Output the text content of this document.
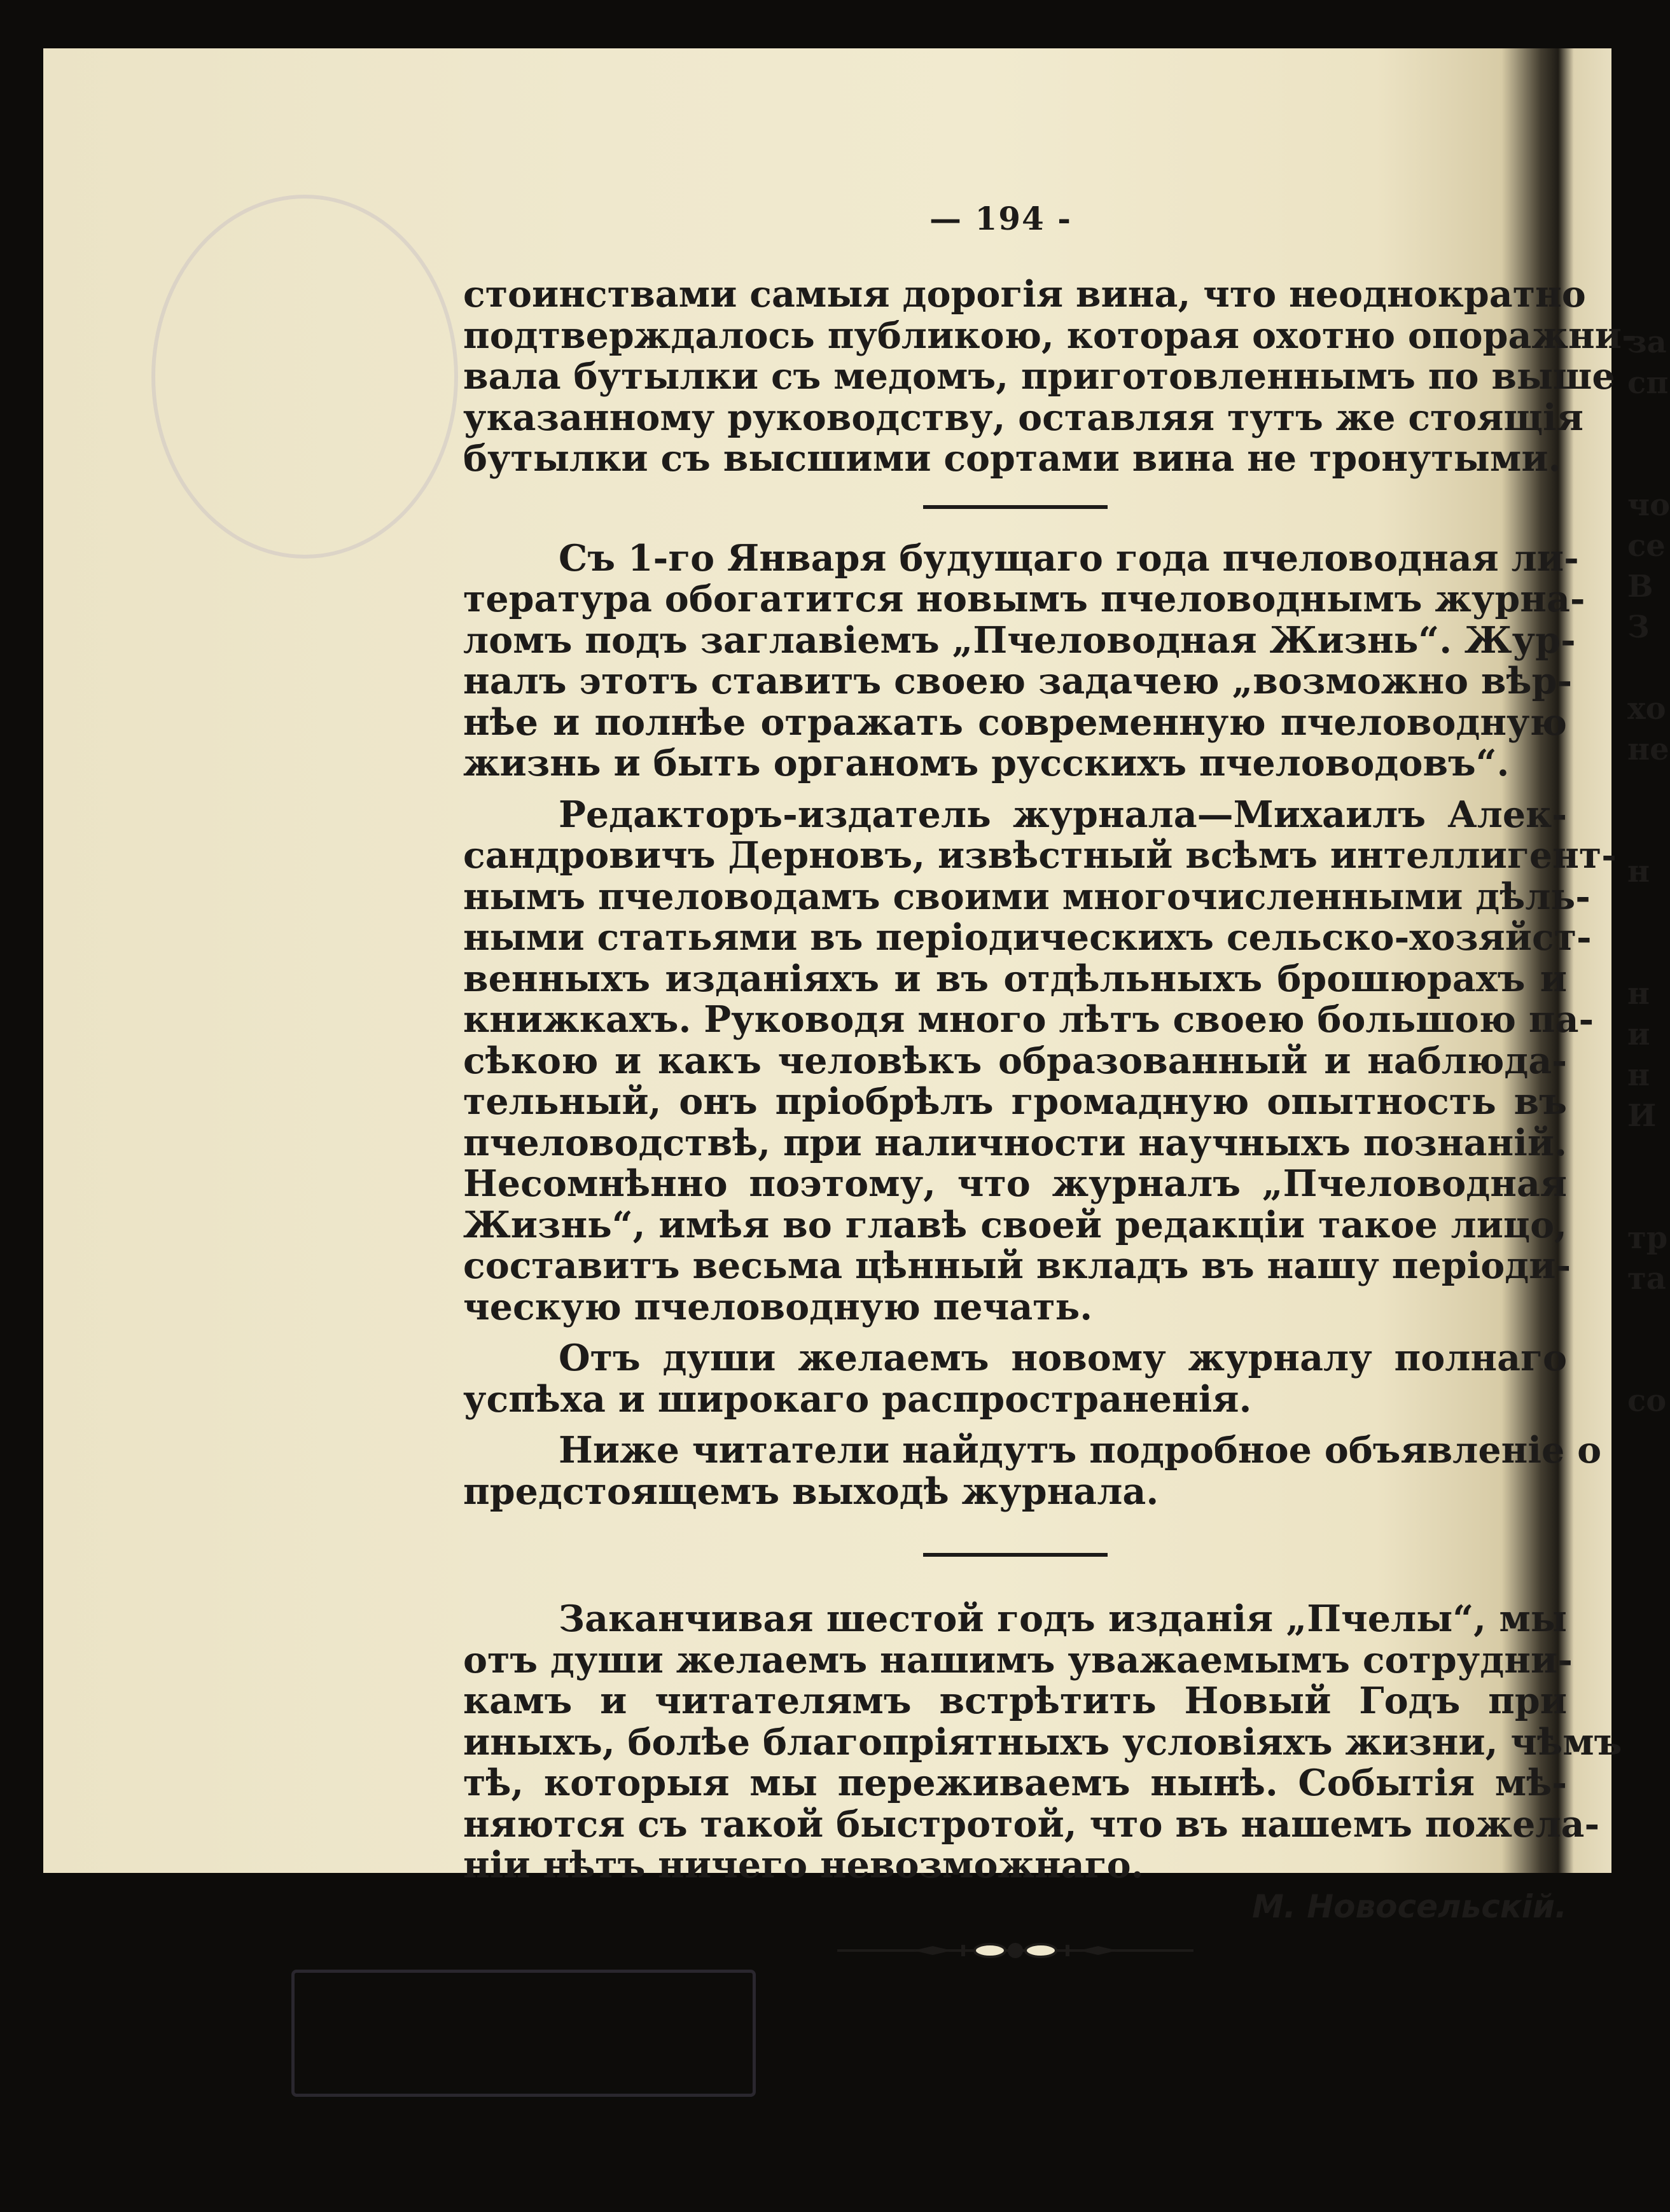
— 194 -
стоинствами самыя дорогія вина, что неоднократно
подтверждалось публикою, которая охотно опоражни-
вала бутылки съ медомъ, приготовленнымъ по выше
указанному руководству, оставляя тутъ же стоящія
бутылки съ высшими сортами вина не тронутыми.
Съ 1-го Января будущаго года пчеловодная ли-
тература обогатится новымъ пчеловоднымъ журна-
ломъ подъ заглавіемъ „Пчеловодная Жизнь“. Жур-
налъ этотъ ставитъ своею задачею „возможно вѣр-
нѣе и полнѣе отражать современную пчеловодную
жизнь и быть органомъ русскихъ пчеловодовъ“.
Редакторъ-издатель журнала—Михаилъ Алек-
сандровичъ Дерновъ, извѣстный всѣмъ интеллигент-
нымъ пчеловодамъ своими многочисленными дѣль-
ными статьями въ періодическихъ сельско-хозяйст-
венныхъ изданіяхъ и въ отдѣльныхъ брошюрахъ и
книжкахъ. Руководя много лѣтъ своею большою па-
сѣкою и какъ человѣкъ образованный и наблюда-
тельный, онъ пріобрѣлъ громадную опытность въ
пчеловодствѣ, при наличности научныхъ познаній.
Несомнѣнно поэтому, что журналъ „Пчеловодная
Жизнь“, имѣя во главѣ своей редакціи такое лицо,
составитъ весьма цѣнный вкладъ въ нашу періоди-
ческую пчеловодную печать.
Отъ души желаемъ новому журналу полнаго
успѣха и широкаго распространенія.
Ниже читатели найдутъ подробное объявленіе о
предстоящемъ выходѣ журнала.
Заканчивая шестой годъ изданія „Пчелы“, мы
отъ души желаемъ нашимъ уважаемымъ сотрудни-
камъ и читателямъ встрѣтить Новый Годъ при
иныхъ, болѣе благопріятныхъ условіяхъ жизни, чѣмъ
тѣ, которыя мы переживаемъ нынѣ. Событія мѣ-
няются съ такой быстротой, что въ нашемъ пожела-
ніи нѣтъ ничего невозможнаго.
М. Новосельскій.
за
сп

чо
се
В
З

хо
не

н

н
и
н
И

тр
та

со
